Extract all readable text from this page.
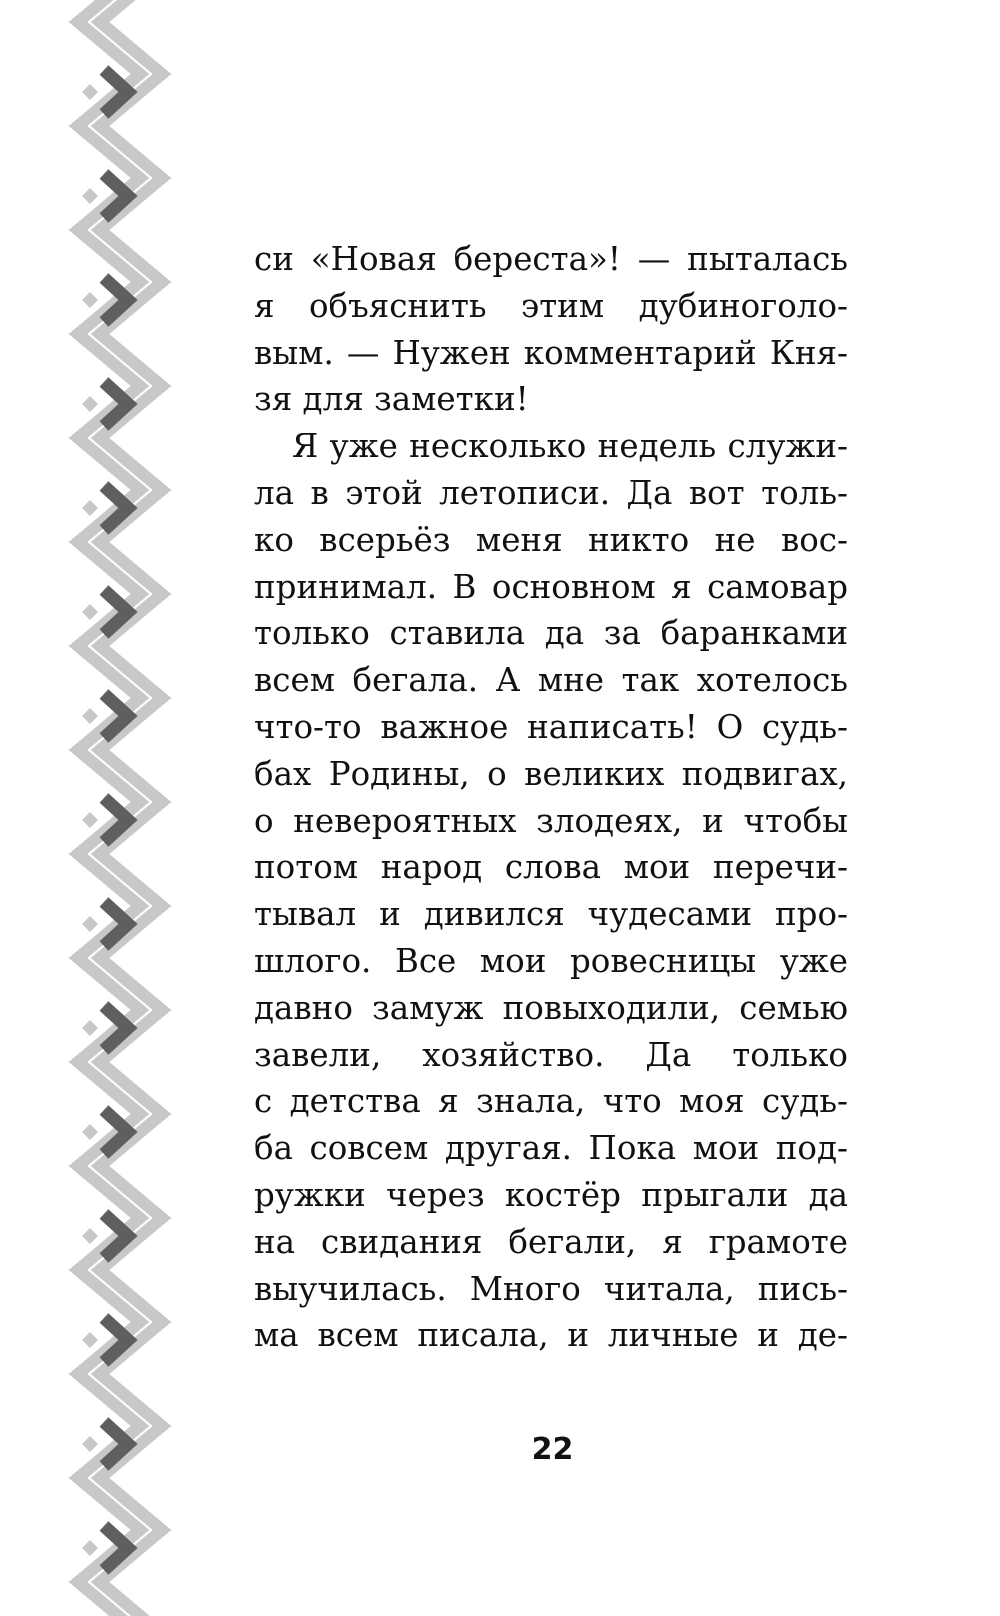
си «Новая береста»! — пыталась
я объяснить этим дубиноголо-
вым. — Нужен комментарий Кня-
зя для заметки!
Я уже несколько недель служи-
ла в этой летописи. Да вот толь-
ко всерьёз меня никто не вос-
принимал. В основном я самовар
только ставила да за баранками
всем бегала. А мне так хотелось
что-то важное написать! О судь-
бах Родины, о великих подвигах,
о невероятных злодеях, и чтобы
потом народ слова мои перечи-
тывал и дивился чудесами про-
шлого. Все мои ровесницы уже
давно замуж повыходили, семью
завели, хозяйство. Да только
с детства я знала, что моя судь-
ба совсем другая. Пока мои под-
ружки через костёр прыгали да
на свидания бегали, я грамоте
выучилась. Много читала, пись-
ма всем писала, и личные и де-
22
